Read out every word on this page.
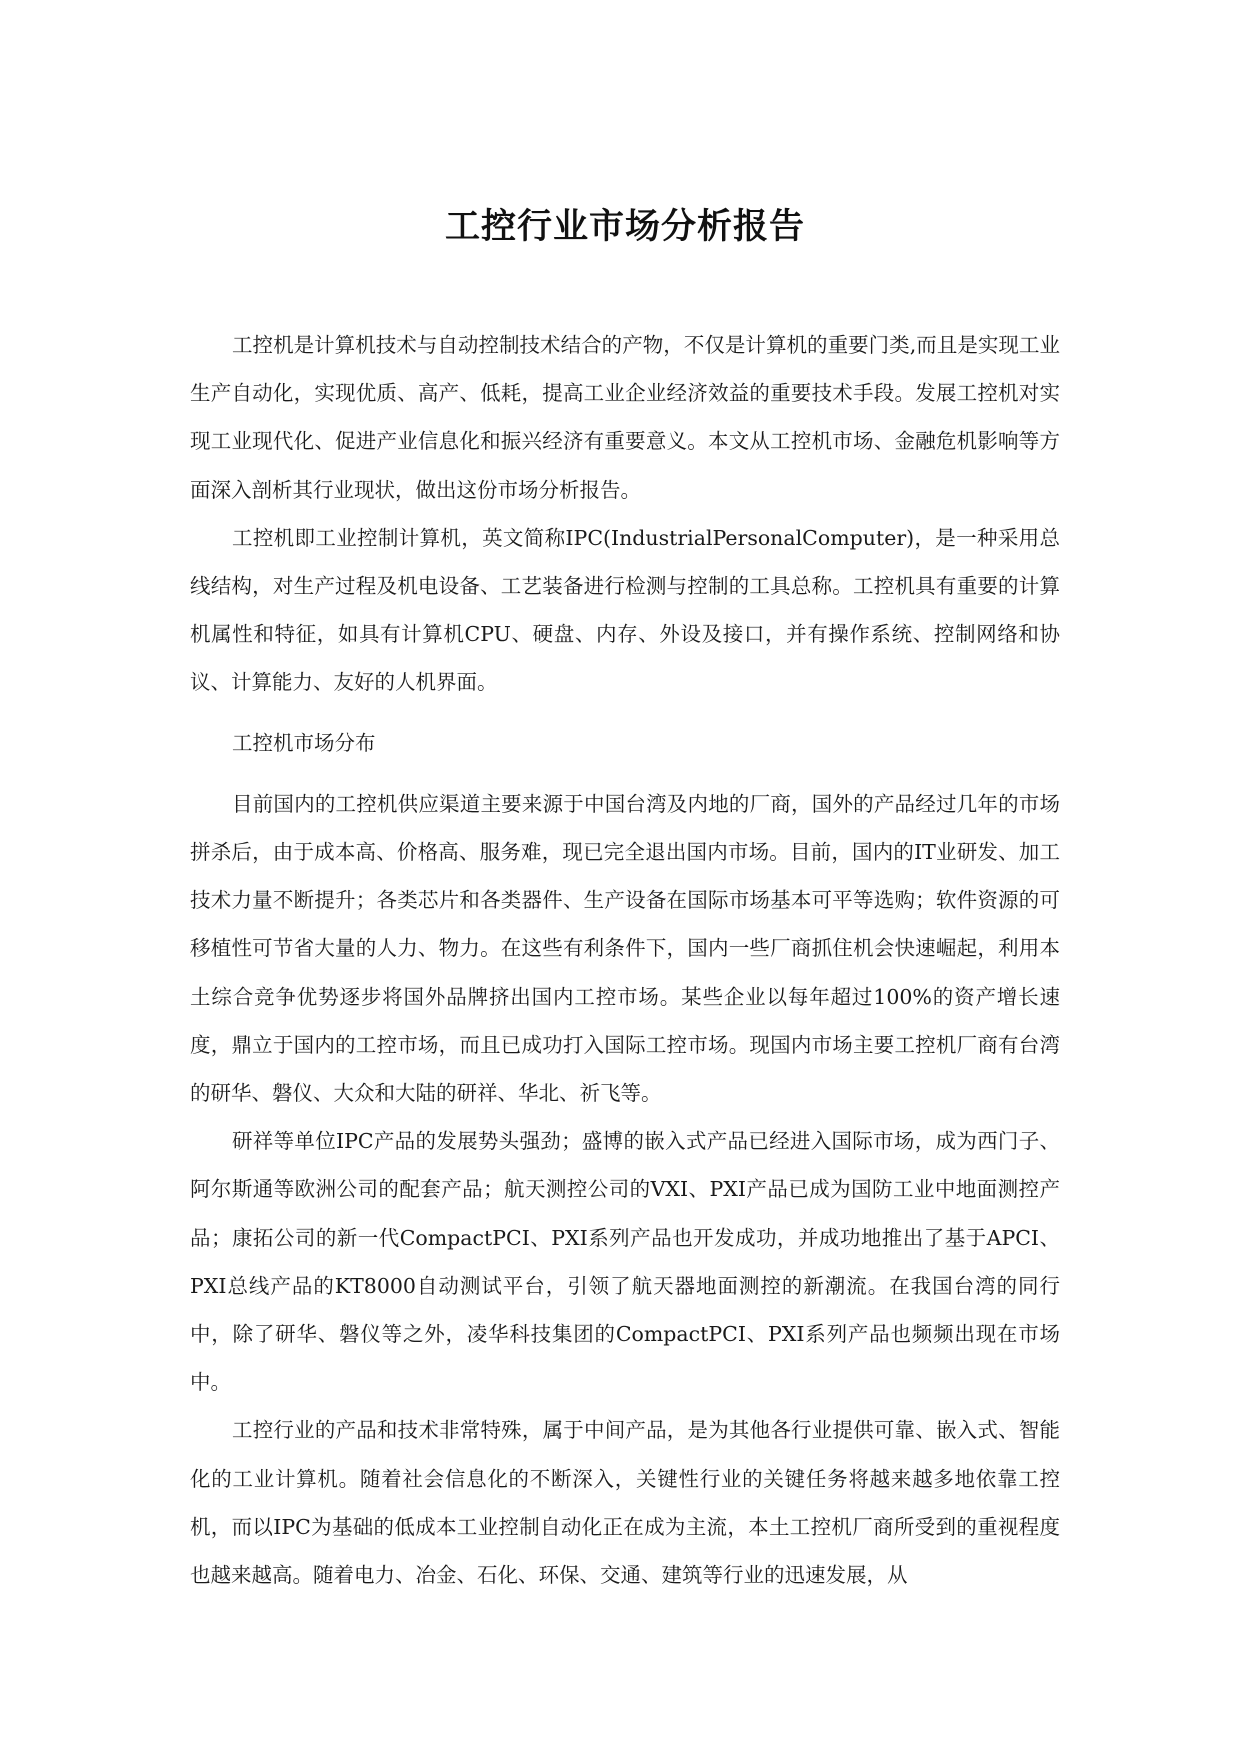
工控行业市场分析报告

工控机是计算机技术与自动控制技术结合的产物，不仅是计算机的重要门类,而且是实现工业生产自动化，实现优质、高产、低耗，提高工业企业经济效益的重要技术手段。发展工控机对实现工业现代化、促进产业信息化和振兴经济有重要意义。本文从工控机市场、金融危机影响等方面深入剖析其行业现状，做出这份市场分析报告。

工控机即工业控制计算机，英文简称IPC(IndustrialPersonalComputer)，是一种采用总线结构，对生产过程及机电设备、工艺装备进行检测与控制的工具总称。工控机具有重要的计算机属性和特征，如具有计算机CPU、硬盘、内存、外设及接口，并有操作系统、控制网络和协议、计算能力、友好的人机界面。

工控机市场分布

目前国内的工控机供应渠道主要来源于中国台湾及内地的厂商，国外的产品经过几年的市场拼杀后，由于成本高、价格高、服务难，现已完全退出国内市场。目前，国内的IT业研发、加工技术力量不断提升；各类芯片和各类器件、生产设备在国际市场基本可平等选购；软件资源的可移植性可节省大量的人力、物力。在这些有利条件下，国内一些厂商抓住机会快速崛起，利用本土综合竞争优势逐步将国外品牌挤出国内工控市场。某些企业以每年超过100%的资产增长速度，鼎立于国内的工控市场，而且已成功打入国际工控市场。现国内市场主要工控机厂商有台湾的研华、磐仪、大众和大陆的研祥、华北、祈飞等。

研祥等单位IPC产品的发展势头强劲；盛博的嵌入式产品已经进入国际市场，成为西门子、阿尔斯通等欧洲公司的配套产品；航天测控公司的VXI、PXI产品已成为国防工业中地面测控产品；康拓公司的新一代CompactPCI、PXI系列产品也开发成功，并成功地推出了基于APCI、PXI总线产品的KT8000自动测试平台，引领了航天器地面测控的新潮流。在我国台湾的同行中，除了研华、磐仪等之外，凌华科技集团的CompactPCI、PXI系列产品也频频出现在市场中。

工控行业的产品和技术非常特殊，属于中间产品，是为其他各行业提供可靠、嵌入式、智能化的工业计算机。随着社会信息化的不断深入，关键性行业的关键任务将越来越多地依靠工控机，而以IPC为基础的低成本工业控制自动化正在成为主流，本土工控机厂商所受到的重视程度也越来越高。随着电力、冶金、石化、环保、交通、建筑等行业的迅速发展，从
